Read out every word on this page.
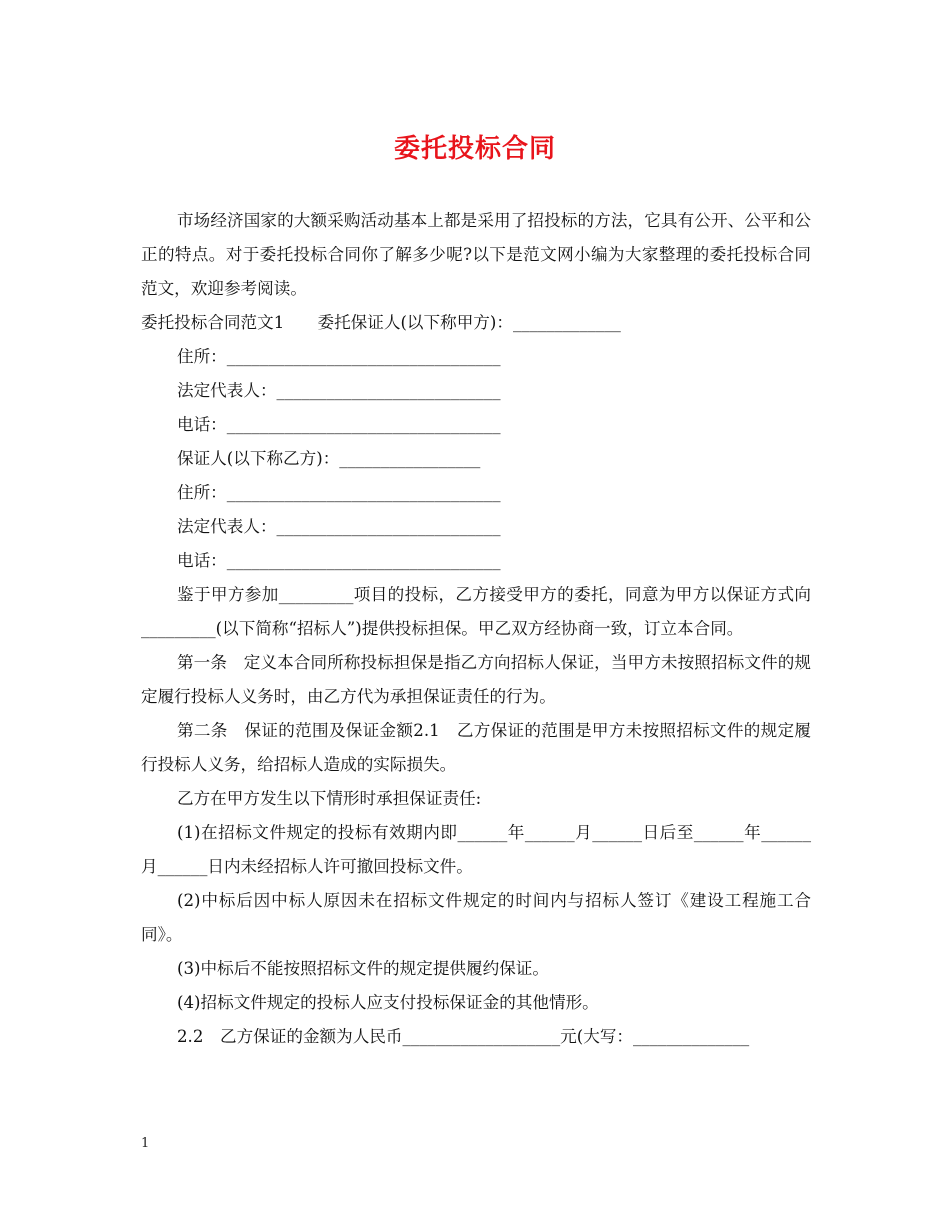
委托投标合同

市场经济国家的大额采购活动基本上都是采用了招投标的方法，它具有公开、公平和公正的特点。对于委托投标合同你了解多少呢?以下是范文网小编为大家整理的委托投标合同范文，欢迎参考阅读。

委托投标合同范文1　　委托保证人(以下称甲方)：_____________

住所：_________________________________

法定代表人：___________________________

电话：_________________________________

保证人(以下称乙方)：_________________

住所：_________________________________

法定代表人：___________________________

电话：_________________________________

鉴于甲方参加_________项目的投标，乙方接受甲方的委托，同意为甲方以保证方式向_________(以下简称“招标人”)提供投标担保。甲乙双方经协商一致，订立本合同。

第一条　定义本合同所称投标担保是指乙方向招标人保证，当甲方未按照招标文件的规定履行投标人义务时，由乙方代为承担保证责任的行为。

第二条　保证的范围及保证金额2.1　乙方保证的范围是甲方未按照招标文件的规定履行投标人义务，给招标人造成的实际损失。

乙方在甲方发生以下情形时承担保证责任:

(1)在招标文件规定的投标有效期内即______年______月______日后至______年______月______日内未经招标人许可撤回投标文件。

(2)中标后因中标人原因未在招标文件规定的时间内与招标人签订《建设工程施工合同》。

(3)中标后不能按照招标文件的规定提供履约保证。

(4)招标文件规定的投标人应支付投标保证金的其他情形。

2.2　乙方保证的金额为人民币___________________元(大写：______________

1
